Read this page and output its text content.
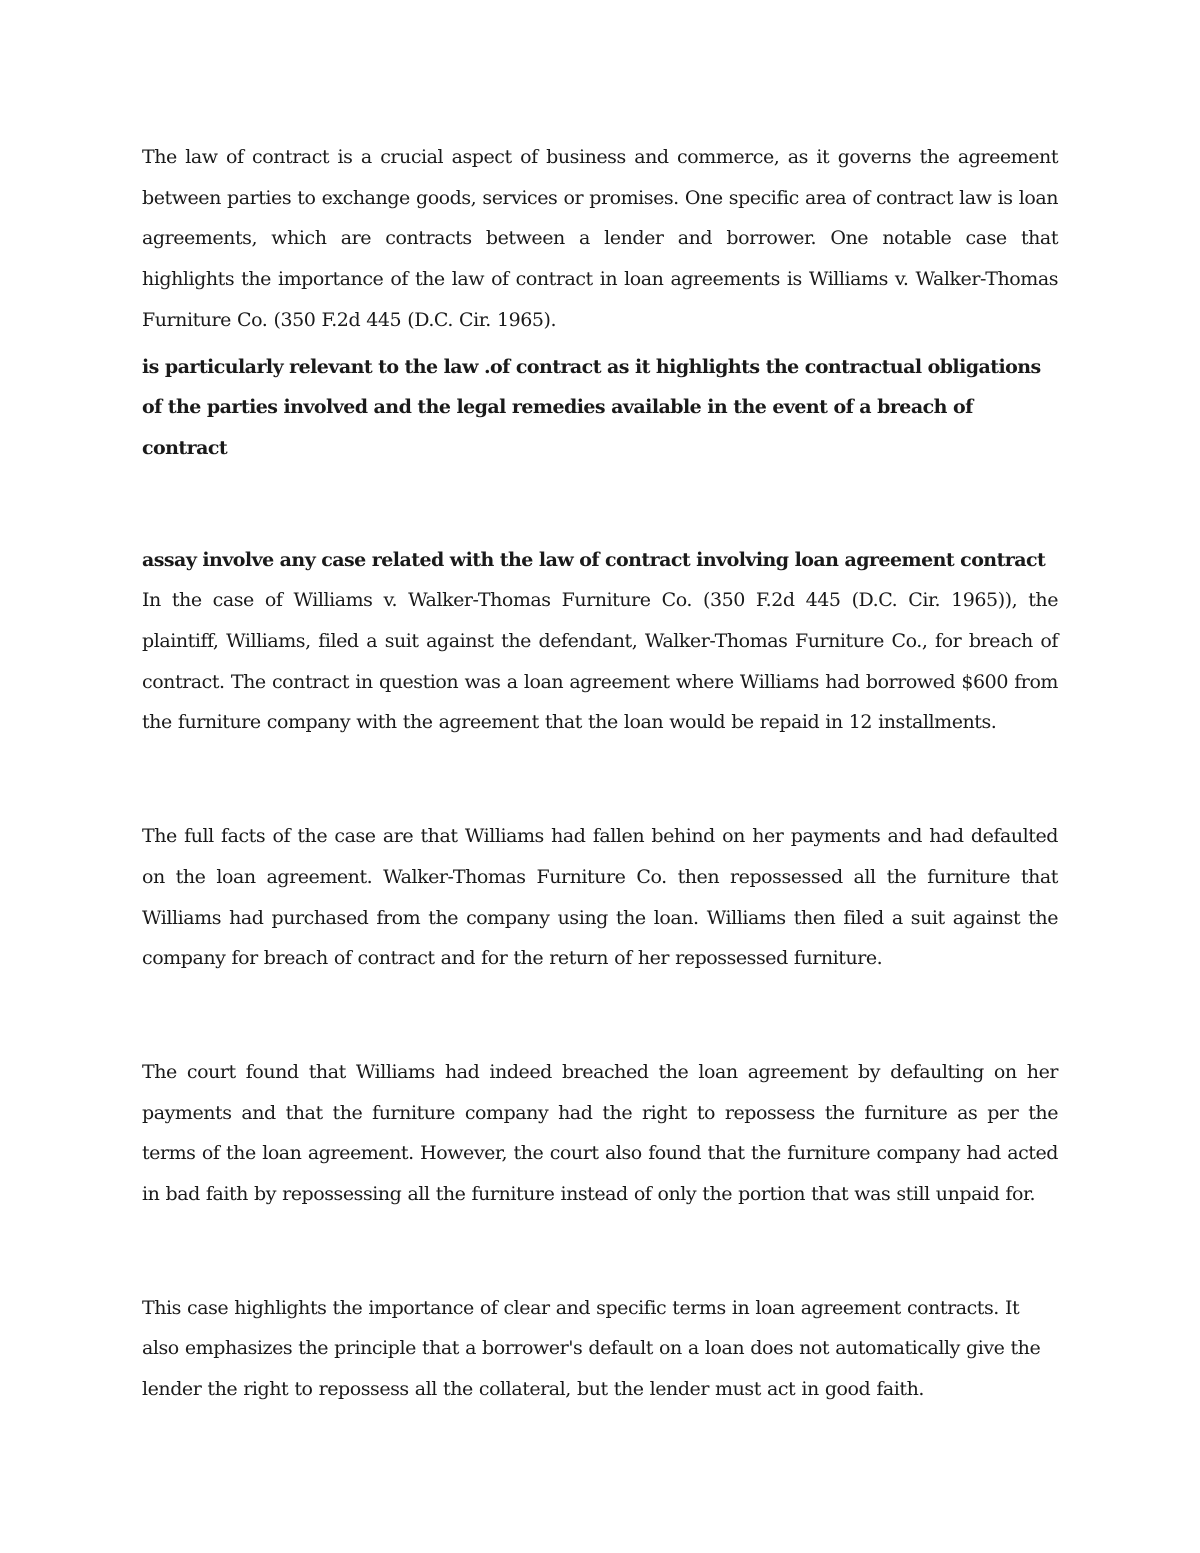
The law of contract is a crucial aspect of business and commerce, as it governs the agreement between parties to exchange goods, services or promises. One specific area of contract law is loan agreements, which are contracts between a lender and borrower. One notable case that highlights the importance of the law of contract in loan agreements is Williams v. Walker-Thomas Furniture Co. (350 F.2d 445 (D.C. Cir. 1965).

is particularly relevant to the law .of contract as it highlights the contractual obligations of the parties involved and the legal remedies available in the event of a breach of contract

assay involve any case related with the law of contract involving loan agreement contract

In the case of Williams v. Walker-Thomas Furniture Co. (350 F.2d 445 (D.C. Cir. 1965)), the plaintiff, Williams, filed a suit against the defendant, Walker-Thomas Furniture Co., for breach of contract. The contract in question was a loan agreement where Williams had borrowed $600 from the furniture company with the agreement that the loan would be repaid in 12 installments.

The full facts of the case are that Williams had fallen behind on her payments and had defaulted on the loan agreement. Walker-Thomas Furniture Co. then repossessed all the furniture that Williams had purchased from the company using the loan. Williams then filed a suit against the company for breach of contract and for the return of her repossessed furniture.

The court found that Williams had indeed breached the loan agreement by defaulting on her payments and that the furniture company had the right to repossess the furniture as per the terms of the loan agreement. However, the court also found that the furniture company had acted in bad faith by repossessing all the furniture instead of only the portion that was still unpaid for.

This case highlights the importance of clear and specific terms in loan agreement contracts. It also emphasizes the principle that a borrower's default on a loan does not automatically give the lender the right to repossess all the collateral, but the lender must act in good faith.
